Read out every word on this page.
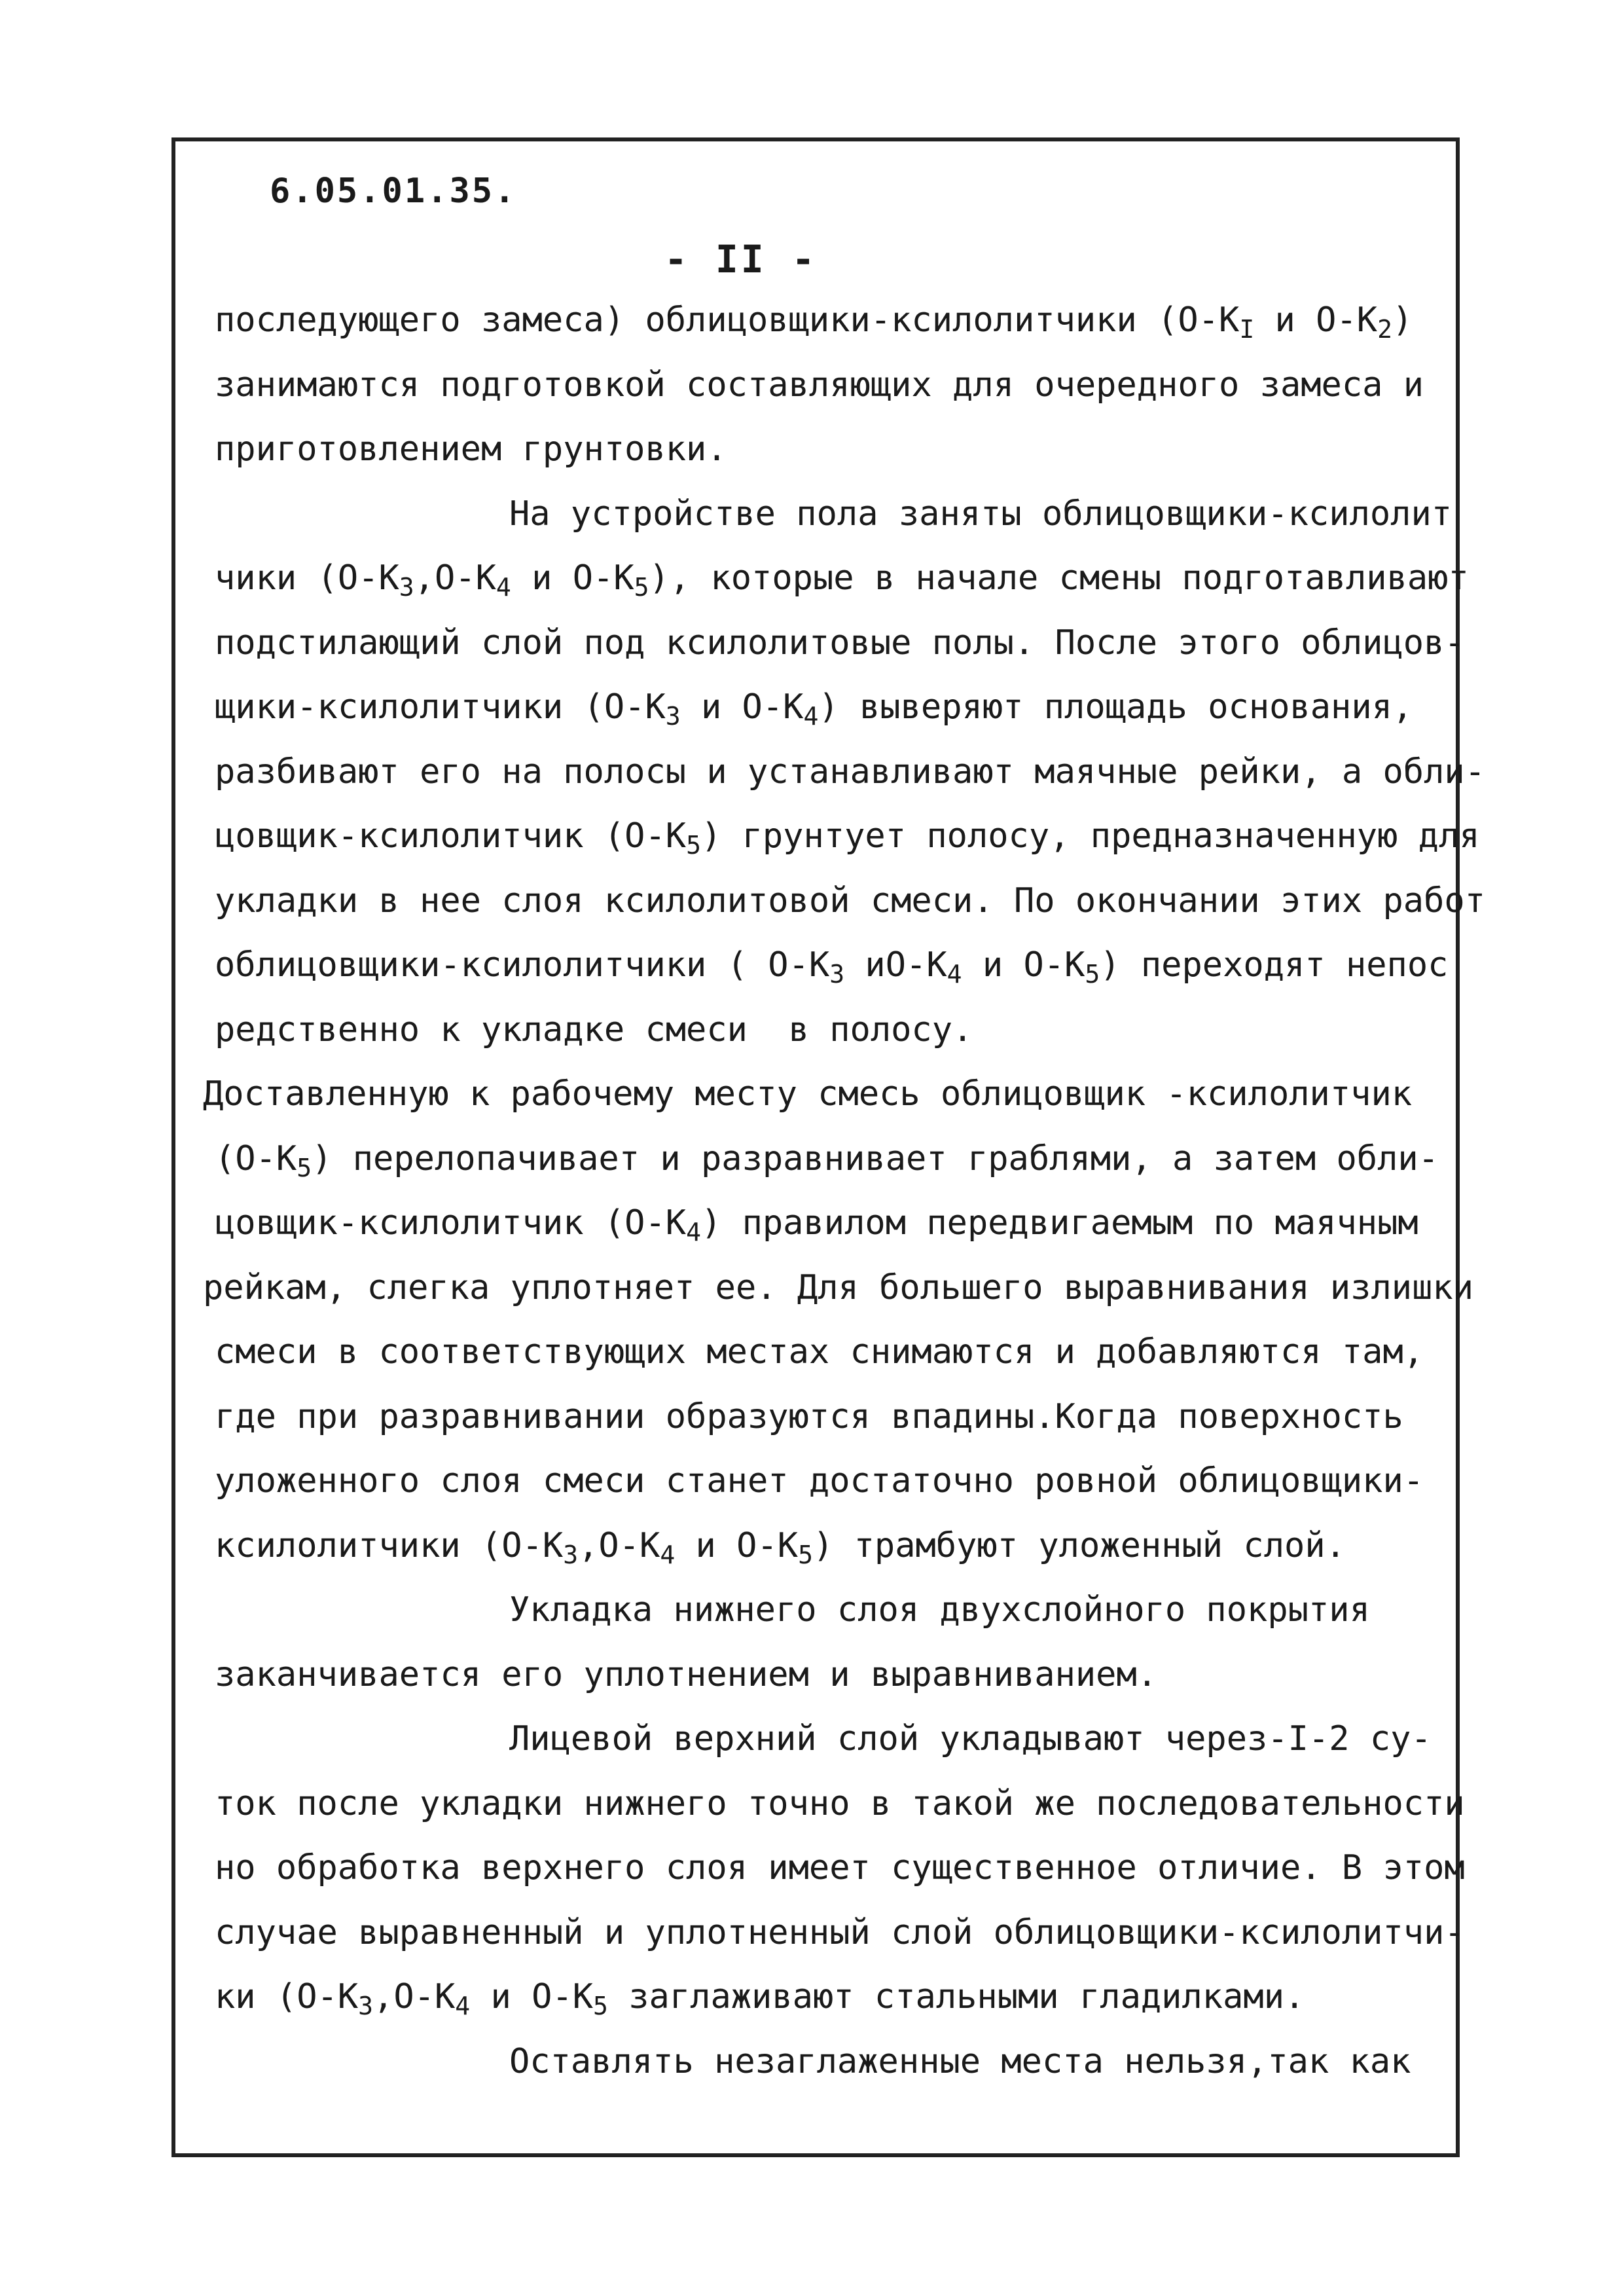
6.05.01.35.
- II -
последующего замеса) облицовщики-ксилолитчики ($О-К_I$ и $О-К_2$)
занимаются подготовкой составляющих для очередного замеса и
приготовлением грунтовки.
На устройстве пола заняты облицовщики-ксилолит
чики ($О-К_3,О-К_4$ и $О-К_5$), которые в начале смены подготавливают
подстилающий слой под ксилолитовые полы. После этого облицов-
щики-ксилолитчики ($О-К_3$ и $О-К_4$) выверяют площадь основания,
разбивают его на полосы и устанавливают маячные рейки, а обли-
цовщик-ксилолитчик $(О-К_5)$ грунтует полосу, предназначенную для
укладки в нее слоя ксилолитовой смеси. По окончании этих работ
облицовщики-ксилолитчики ( $О-К_3$ $иО-К_4$ и $О-К_5$) переходят непос
редственно к укладке смеси  в полосу.
Доставленную к рабочему месту смесь облицовщик -ксилолитчик
$(О-К_5)$ перелопачивает и разравнивает граблями, а затем обли-
цовщик-ксилолитчик $(О-К_4)$ правилом передвигаемым по маячным
рейкам, слегка уплотняет ее. Для большего выравнивания излишки
смеси в соответствующих местах снимаются и добавляются там,
где при разравнивании образуются впадины.Когда поверхность
уложенного слоя смеси станет достаточно ровной облицовщики-
ксилолитчики ($О-К_3,О-К_4$ и $О-К_5$) трамбуют уложенный слой.
Укладка нижнего слоя двухслойного покрытия
заканчивается его уплотнением и выравниванием.
Лицевой верхний слой укладывают через-I-2 су-
ток после укладки нижнего точно в такой же последовательности
но обработка верхнего слоя имеет существенное отличие. В этом
случае выравненный и уплотненный слой облицовщики-ксилолитчи-
ки ($О-К_3,О-К_4$ и $О-К_5$ заглаживают стальными гладилками.
Оставлять незаглаженные места нельзя,так как
